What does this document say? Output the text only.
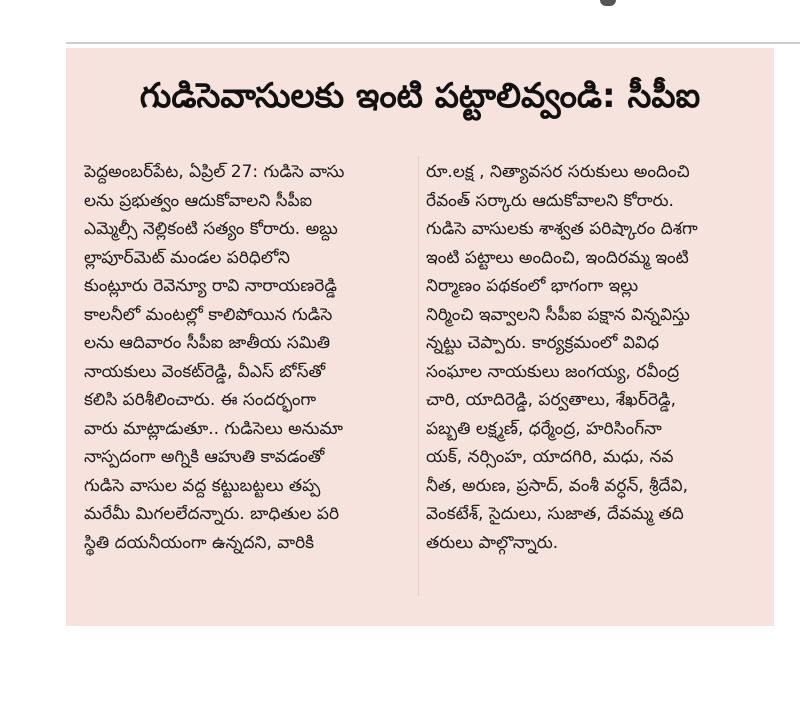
గుడిసెవాసులకు ఇంటి పట్టాలివ్వండి: సీపీఐ
పెద్దఅంబర్‌పేట, ఏప్రిల్ 27: గుడిసె వాసు
లను ప్రభుత్వం ఆదుకోవాలని సీపీఐ
ఎమ్మెల్సీ నెల్లికంటి సత్యం కోరారు. అబ్దు
ల్లాపూర్‌మెట్ మండల పరిధిలోని
కుంట్లూరు రెవెన్యూ రావి నారాయణరెడ్డి
కాలనీలో మంటల్లో కాలిపోయిన గుడిసె
లను ఆదివారం సీపీఐ జాతీయ సమితి
నాయకులు వెంకట్‌రెడ్డి, వీఎస్ బోస్‌తో
కలిసి పరిశీలించారు. ఈ సందర్భంగా
వారు మాట్లాడుతూ.. గుడిసెలు అనుమా
నాస్పదంగా అగ్నికి ఆహుతి కావడంతో
గుడిసె వాసుల వద్ద కట్టుబట్టలు తప్ప
మరేమీ మిగలలేదన్నారు. బాధితుల పరి
స్థితి దయనీయంగా ఉన్నదని, వారికి
రూ.లక్ష , నిత్యావసర సరుకులు అందించి
రేవంత్ సర్కారు ఆదుకోవాలని కోరారు.
గుడిసె వాసులకు శాశ్వత పరిష్కారం దిశగా
ఇంటి పట్టాలు అందించి, ఇందిరమ్మ ఇంటి
నిర్మాణం పథకంలో భాగంగా ఇల్లు
నిర్మించి ఇవ్వాలని సీపీఐ పక్షాన విన్నవిస్తు
న్నట్టు చెప్పారు. కార్యక్రమంలో వివిధ
సంఘాల నాయకులు జంగయ్య, రవీంద్ర
చారి, యాదిరెడ్డి, పర్వతాలు, శేఖర్‌రెడ్డి,
పబ్బతి లక్ష్మణ్, ధర్మేంద్ర, హరిసింగ్‌నా
యక్, నర్సింహ, యాదగిరి, మధు, నవ
నీత, అరుణ, ప్రసాద్, వంశీ వర్ధన్, శ్రీదేవి,
వెంకటేశ్, సైదులు, సుజాత, దేవమ్మ తది
తరులు పాల్గొన్నారు.
